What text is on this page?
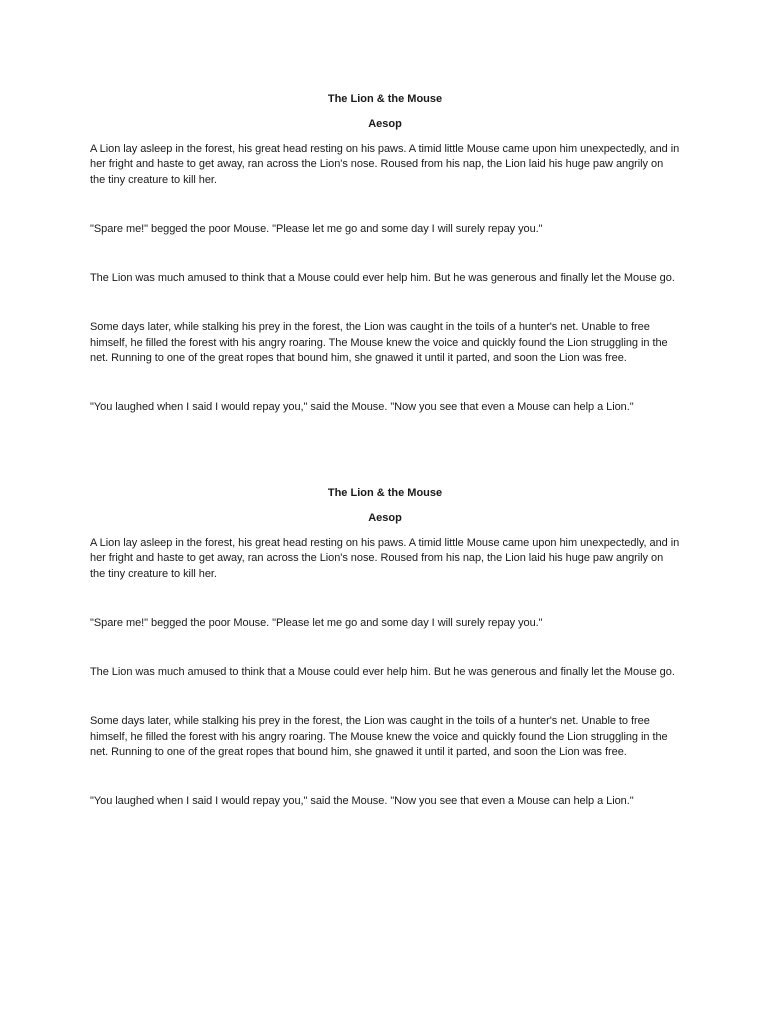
The Lion & the Mouse
Aesop

A Lion lay asleep in the forest, his great head resting on his paws. A timid little Mouse came upon him unexpectedly, and in her fright and haste to get away, ran across the Lion's nose. Roused from his nap, the Lion laid his huge paw angrily on the tiny creature to kill her.

"Spare me!" begged the poor Mouse. "Please let me go and some day I will surely repay you."

The Lion was much amused to think that a Mouse could ever help him. But he was generous and finally let the Mouse go.

Some days later, while stalking his prey in the forest, the Lion was caught in the toils of a hunter's net. Unable to free himself, he filled the forest with his angry roaring. The Mouse knew the voice and quickly found the Lion struggling in the net. Running to one of the great ropes that bound him, she gnawed it until it parted, and soon the Lion was free.

"You laughed when I said I would repay you," said the Mouse. "Now you see that even a Mouse can help a Lion."

The Lion & the Mouse
Aesop

A Lion lay asleep in the forest, his great head resting on his paws. A timid little Mouse came upon him unexpectedly, and in her fright and haste to get away, ran across the Lion's nose. Roused from his nap, the Lion laid his huge paw angrily on the tiny creature to kill her.

"Spare me!" begged the poor Mouse. "Please let me go and some day I will surely repay you."

The Lion was much amused to think that a Mouse could ever help him. But he was generous and finally let the Mouse go.

Some days later, while stalking his prey in the forest, the Lion was caught in the toils of a hunter's net. Unable to free himself, he filled the forest with his angry roaring. The Mouse knew the voice and quickly found the Lion struggling in the net. Running to one of the great ropes that bound him, she gnawed it until it parted, and soon the Lion was free.

"You laughed when I said I would repay you," said the Mouse. "Now you see that even a Mouse can help a Lion."
